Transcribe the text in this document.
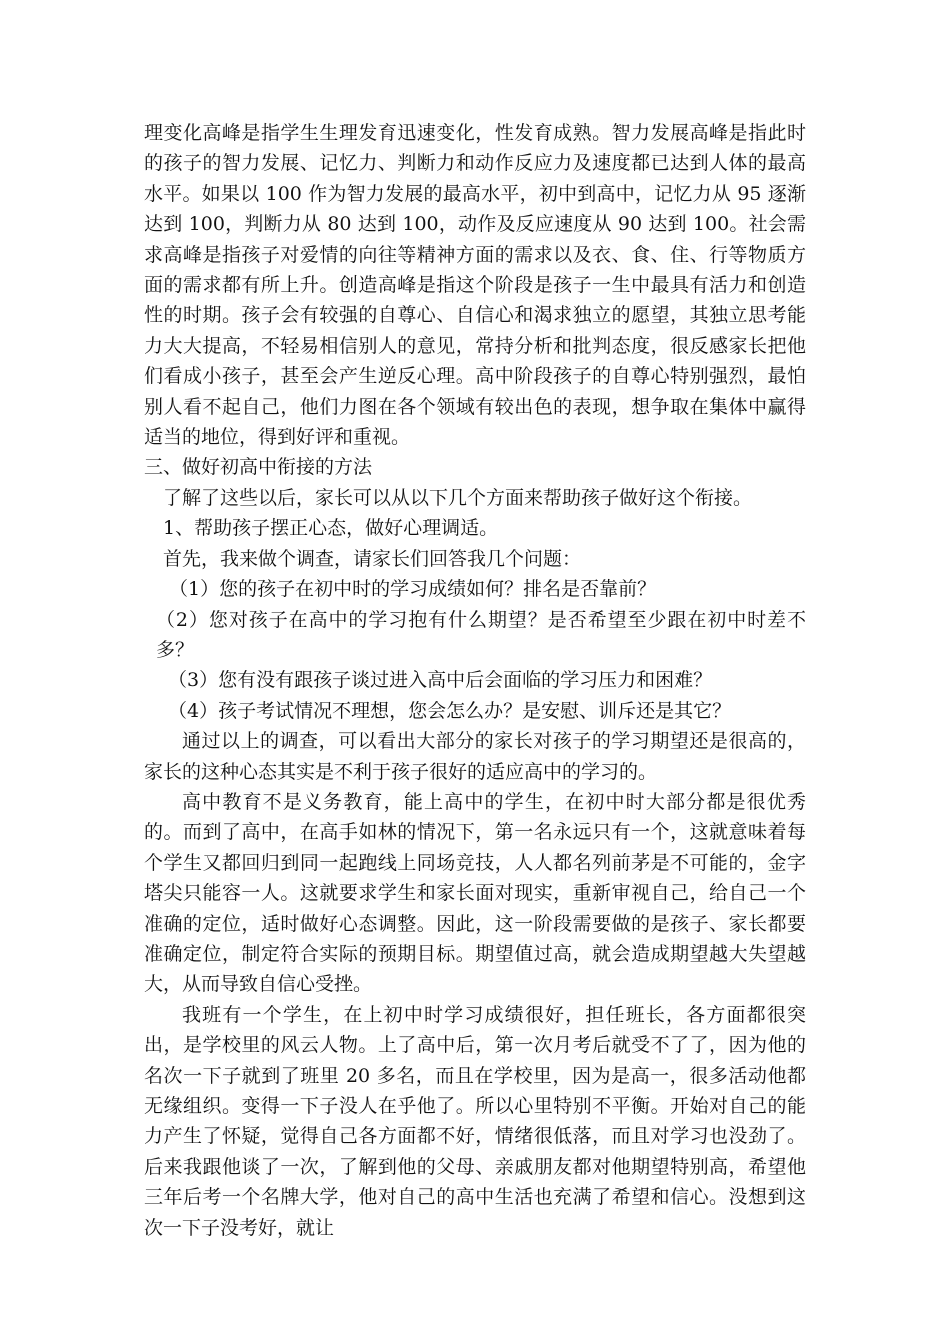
理变化高峰是指学生生理发育迅速变化，性发育成熟。智力发展高峰是指此时的孩子的智力发展、记忆力、判断力和动作反应力及速度都已达到人体的最高水平。如果以 100 作为智力发展的最高水平，初中到高中，记忆力从 95 逐渐达到 100，判断力从 80 达到 100，动作及反应速度从 90 达到 100。社会需求高峰是指孩子对爱情的向往等精神方面的需求以及衣、食、住、行等物质方面的需求都有所上升。创造高峰是指这个阶段是孩子一生中最具有活力和创造性的时期。孩子会有较强的自尊心、自信心和渴求独立的愿望，其独立思考能力大大提高，不轻易相信别人的意见，常持分析和批判态度，很反感家长把他们看成小孩子，甚至会产生逆反心理。高中阶段孩子的自尊心特别强烈，最怕别人看不起自己，他们力图在各个领域有较出色的表现，想争取在集体中赢得适当的地位，得到好评和重视。

三、做好初高中衔接的方法

了解了这些以后，家长可以从以下几个方面来帮助孩子做好这个衔接。

1、帮助孩子摆正心态，做好心理调适。

首先，我来做个调查，请家长们回答我几个问题：

（1）您的孩子在初中时的学习成绩如何？排名是否靠前？

（2）您对孩子在高中的学习抱有什么期望？是否希望至少跟在初中时差不多？

（3）您有没有跟孩子谈过进入高中后会面临的学习压力和困难？

（4）孩子考试情况不理想，您会怎么办？是安慰、训斥还是其它？

通过以上的调查，可以看出大部分的家长对孩子的学习期望还是很高的，家长的这种心态其实是不利于孩子很好的适应高中的学习的。

高中教育不是义务教育，能上高中的学生，在初中时大部分都是很优秀的。而到了高中，在高手如林的情况下，第一名永远只有一个，这就意味着每个学生又都回归到同一起跑线上同场竞技，人人都名列前茅是不可能的，金字塔尖只能容一人。这就要求学生和家长面对现实，重新审视自己，给自己一个准确的定位，适时做好心态调整。因此，这一阶段需要做的是孩子、家长都要准确定位，制定符合实际的预期目标。期望值过高，就会造成期望越大失望越大，从而导致自信心受挫。

我班有一个学生，在上初中时学习成绩很好，担任班长，各方面都很突出，是学校里的风云人物。上了高中后，第一次月考后就受不了了，因为他的名次一下子就到了班里 20 多名，而且在学校里，因为是高一，很多活动他都无缘组织。变得一下子没人在乎他了。所以心里特别不平衡。开始对自己的能力产生了怀疑，觉得自己各方面都不好，情绪很低落，而且对学习也没劲了。后来我跟他谈了一次，了解到他的父母、亲戚朋友都对他期望特别高，希望他三年后考一个名牌大学，他对自己的高中生活也充满了希望和信心。没想到这次一下子没考好，就让
